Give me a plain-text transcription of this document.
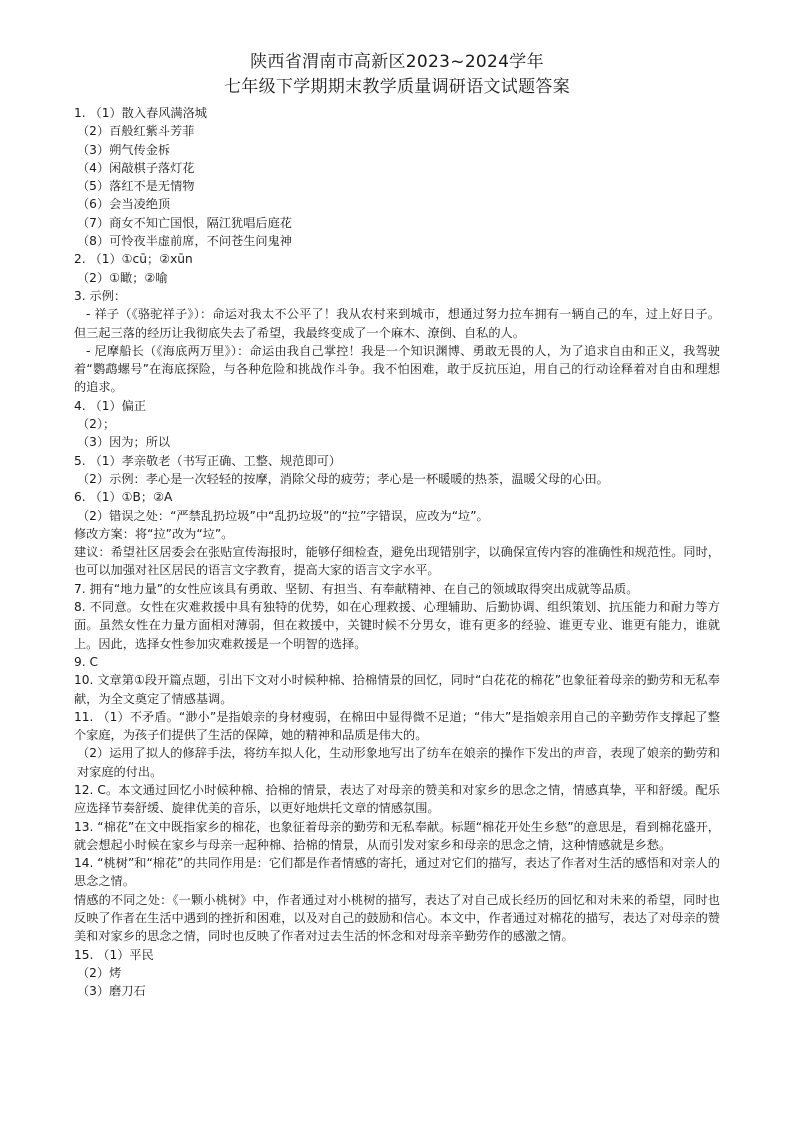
陕西省渭南市高新区2023~2024学年
七年级下学期期末教学质量调研语文试题答案
1. （1）散入春风满洛城
（2）百般红紫斗芳菲
（3）朔气传金柝
（4）闲敲棋子落灯花
（5）落红不是无情物
（6）会当凌绝顶
（7）商女不知亡国恨，隔江犹唱后庭花
（8）可怜夜半虚前席，不问苍生问鬼神
2. （1）①cū；②xūn
（2）①瞰；②喻
3. 示例：
- 祥子（《骆驼祥子》）：命运对我太不公平了！我从农村来到城市，想通过努力拉车拥有一辆自己的车，过上好日子。但三起三落的经历让我彻底失去了希望，我最终变成了一个麻木、潦倒、自私的人。
- 尼摩船长（《海底两万里》）：命运由我自己掌控！我是一个知识渊博、勇敢无畏的人，为了追求自由和正义，我驾驶着“鹦鹉螺号”在海底探险，与各种危险和挑战作斗争。我不怕困难，敢于反抗压迫，用自己的行动诠释着对自由和理想的追求。
4. （1）偏正
（2）；
（3）因为；所以
5. （1）孝亲敬老（书写正确、工整、规范即可）
（2）示例：孝心是一次轻轻的按摩，消除父母的疲劳；孝心是一杯暖暖的热茶，温暖父母的心田。
6. （1）①B；②A
（2）错误之处：“严禁乱扔垃圾”中“乱扔垃圾”的“拉”字错误，应改为“垃”。
修改方案：将“拉”改为“垃”。
建议：希望社区居委会在张贴宣传海报时，能够仔细检查，避免出现错别字，以确保宣传内容的准确性和规范性。同时，也可以加强对社区居民的语言文字教育，提高大家的语言文字水平。
7. 拥有“地力量”的女性应该具有勇敢、坚韧、有担当、有奉献精神、在自己的领域取得突出成就等品质。
8. 不同意。女性在灾难救援中具有独特的优势，如在心理救援、心理辅助、后勤协调、组织策划、抗压能力和耐力等方面。虽然女性在力量方面相对薄弱，但在救援中，关键时候不分男女，谁有更多的经验、谁更专业、谁更有能力，谁就上。因此，选择女性参加灾难救援是一个明智的选择。
9. C
10. 文章第①段开篇点题，引出下文对小时候种棉、拾棉情景的回忆，同时“白花花的棉花”也象征着母亲的勤劳和无私奉献，为全文奠定了情感基调。
11. （1）不矛盾。“渺小”是指娘亲的身材瘦弱，在棉田中显得微不足道；“伟大”是指娘亲用自己的辛勤劳作支撑起了整个家庭，为孩子们提供了生活的保障，她的精神和品质是伟大的。
（2）运用了拟人的修辞手法，将纺车拟人化，生动形象地写出了纺车在娘亲的操作下发出的声音，表现了娘亲的勤劳和对家庭的付出。
12. C。本文通过回忆小时候种棉、拾棉的情景，表达了对母亲的赞美和对家乡的思念之情，情感真挚，平和舒缓。配乐应选择节奏舒缓、旋律优美的音乐，以更好地烘托文章的情感氛围。
13. “棉花”在文中既指家乡的棉花，也象征着母亲的勤劳和无私奉献。标题“棉花开处生乡愁”的意思是，看到棉花盛开，就会想起小时候在家乡与母亲一起种棉、拾棉的情景，从而引发对家乡和母亲的思念之情，这种情感就是乡愁。
14. “桃树”和“棉花”的共同作用是：它们都是作者情感的寄托，通过对它们的描写，表达了作者对生活的感悟和对亲人的思念之情。
情感的不同之处：《一颗小桃树》中，作者通过对小桃树的描写，表达了对自己成长经历的回忆和对未来的希望，同时也反映了作者在生活中遇到的挫折和困难，以及对自己的鼓励和信心。本文中，作者通过对棉花的描写，表达了对母亲的赞美和对家乡的思念之情，同时也反映了作者对过去生活的怀念和对母亲辛勤劳作的感激之情。
15. （1）平民
（2）烤
（3）磨刀石
